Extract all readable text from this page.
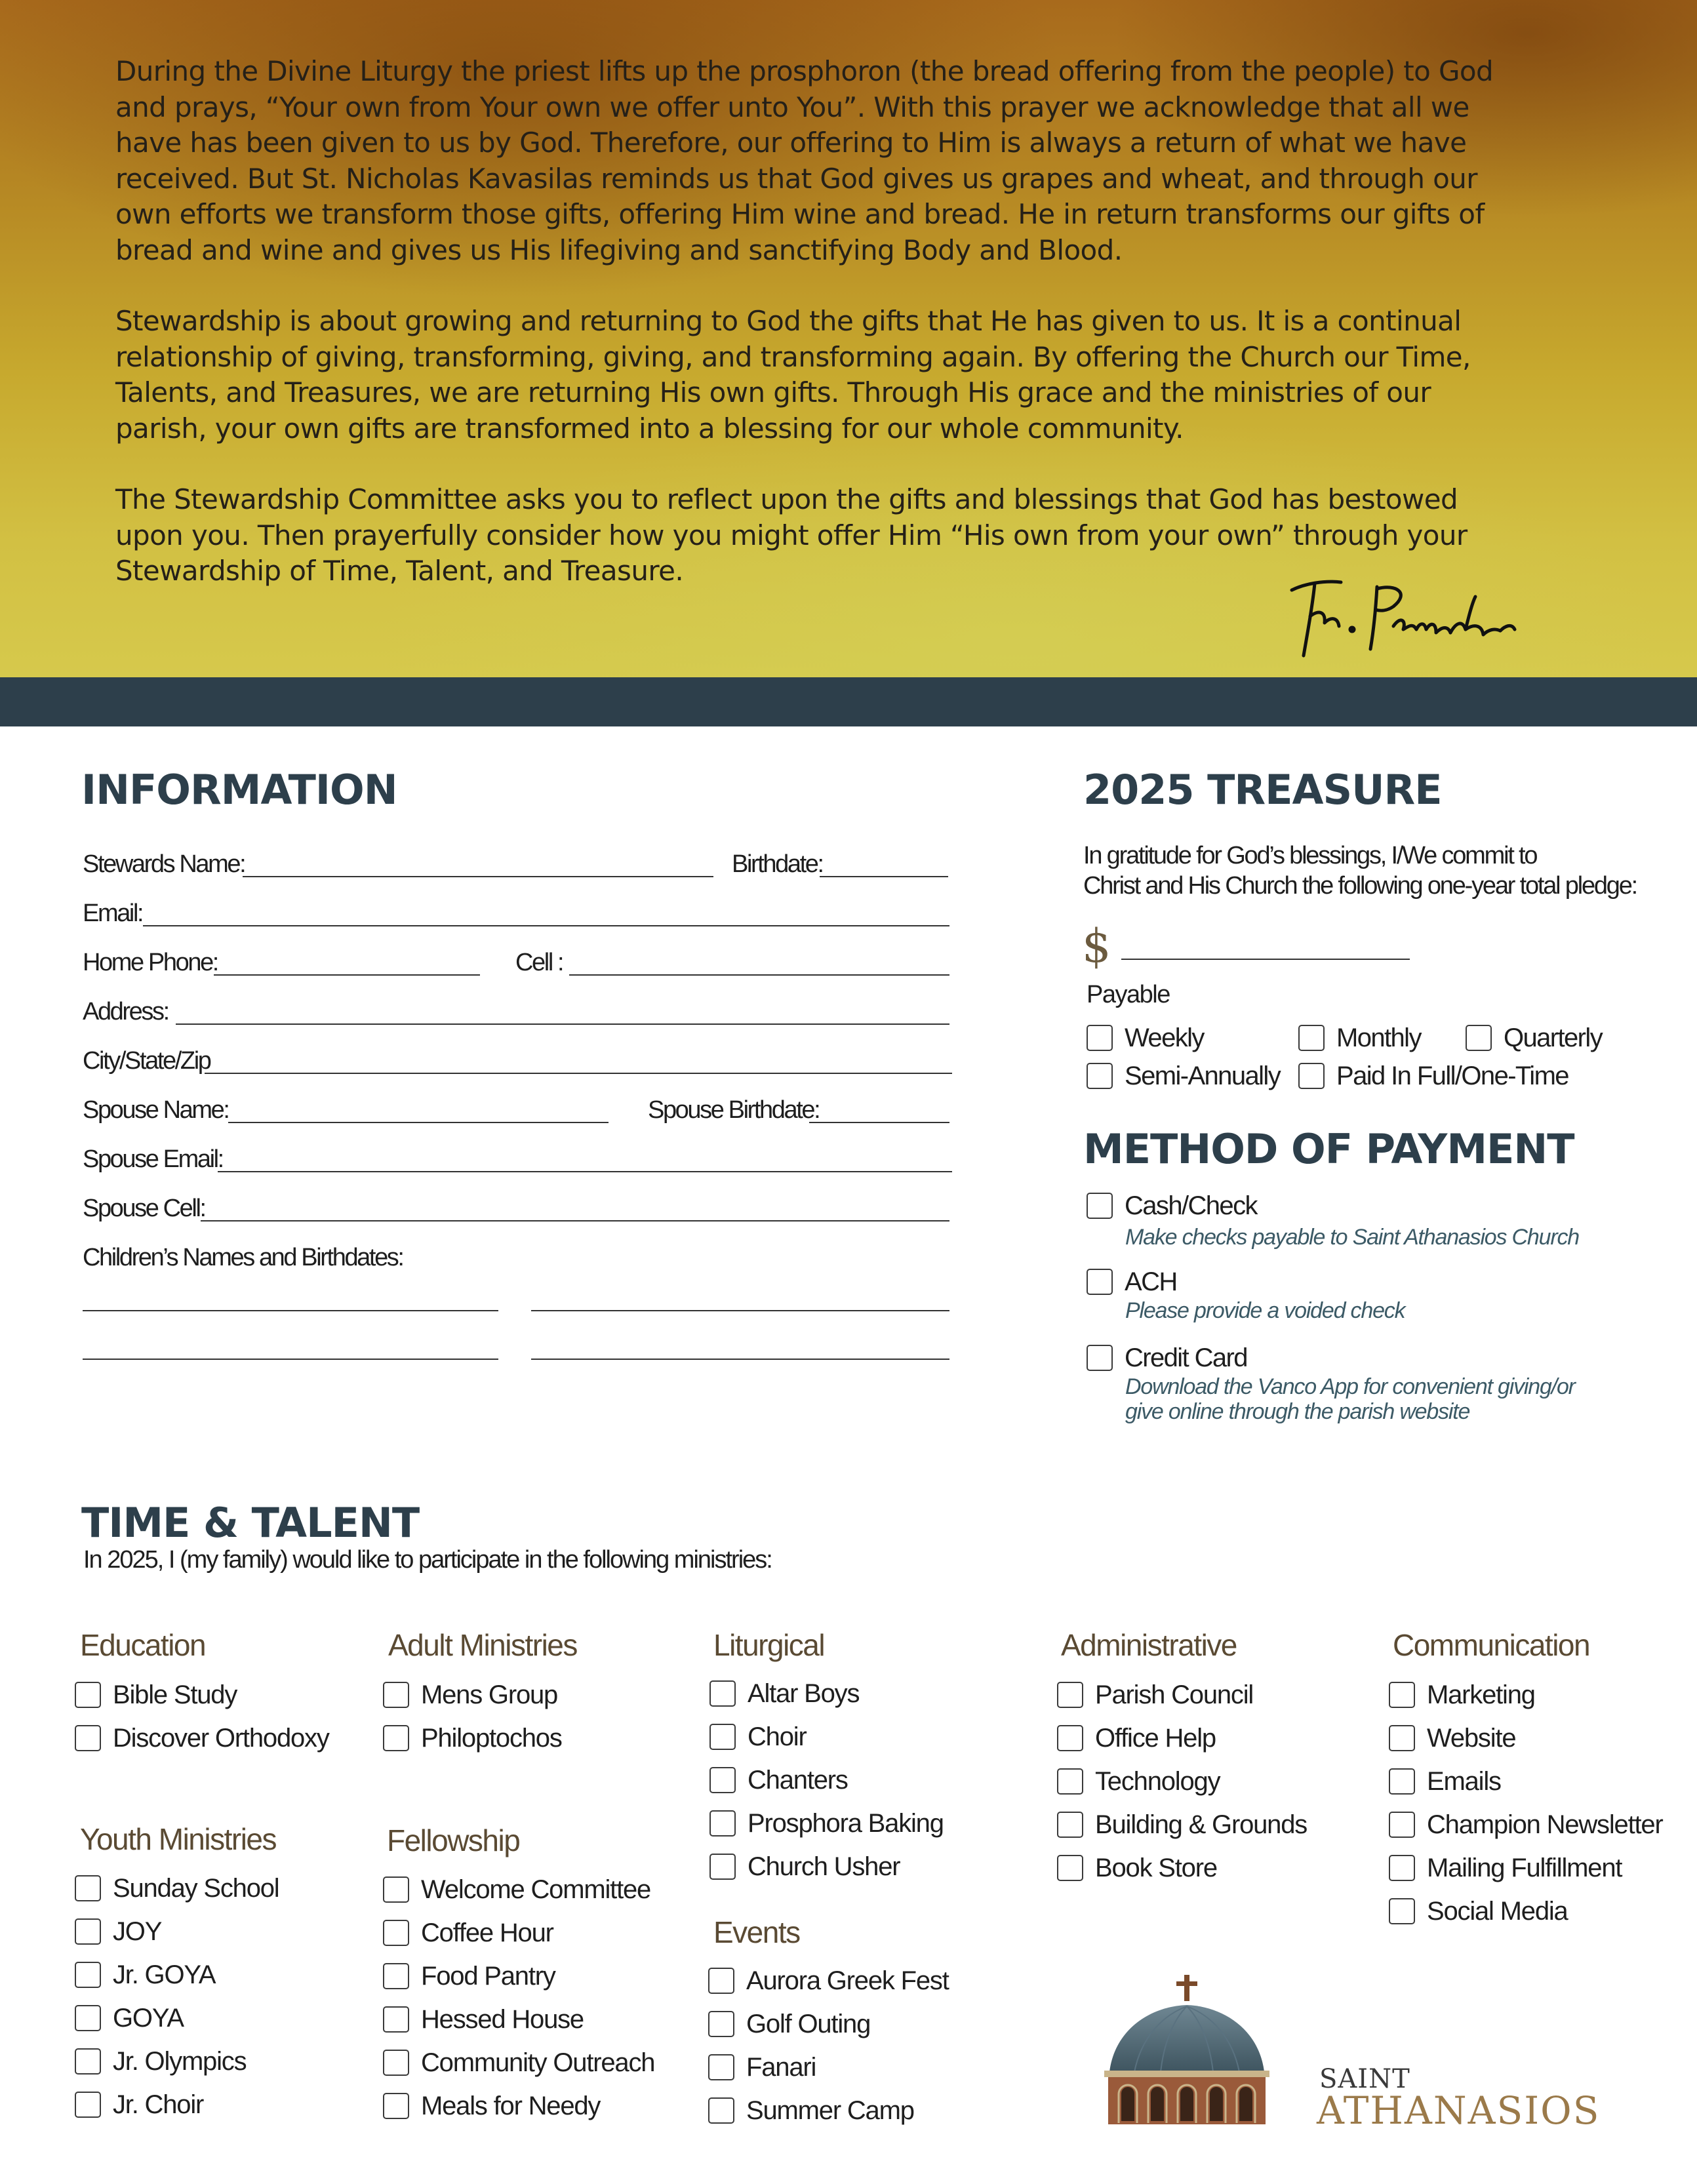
During the Divine Liturgy the priest lifts up the prosphoron (the bread offering from the people) to God and prays, “Your own from Your own we offer unto You”. With this prayer we acknowledge that all we have has been given to us by God. Therefore, our offering to Him is always a return of what we have received. But St. Nicholas Kavasilas reminds us that God gives us grapes and wheat, and through our own efforts we transform those gifts, offering Him wine and bread. He in return transforms our gifts of bread and wine and gives us His lifegiving and sanctifying Body and Blood.

Stewardship is about growing and returning to God the gifts that He has given to us. It is a continual relationship of giving, transforming, giving, and transforming again. By offering the Church our Time, Talents, and Treasures, we are returning His own gifts. Through His grace and the ministries of our parish, your own gifts are transformed into a blessing for our whole community.

The Stewardship Committee asks you to reflect upon the gifts and blessings that God has bestowed upon you. Then prayerfully consider how you might offer Him “His own from your own” through your Stewardship of Time, Talent, and Treasure.

INFORMATION
Stewards Name:	Birthdate:
Email:
Home Phone:	Cell :
Address:
City/State/Zip
Spouse Name:	Spouse Birthdate:
Spouse Email:
Spouse Cell:
Children’s Names and Birthdates:
2025 TREASURE
In gratitude for God’s blessings, I/We commit to
Christ and His Church the following one-year total pledge:
$
Payable
Weekly	Monthly	Quarterly
Semi-Annually Paid In Full/One-Time
METHOD OF PAYMENT
Cash/Check
Make checks payable to Saint Athanasios Church
ACH
Please provide a voided check
Credit Card
Download the Vanco App for convenient giving/or
give online through the parish website
TIME & TALENT
In 2025, I (my family) would like to participate in the following ministries:
Education
Bible Study
Discover Orthodoxy
Youth Ministries
Sunday School
JOY
Jr. GOYA
GOYA
Jr. Olympics
Jr. Choir
Adult Ministries
Mens Group
Philoptochos
Fellowship
Welcome Committee
Coffee Hour
Food Pantry
Hessed House
Community Outreach
Meals for Needy
Liturgical
Altar Boys
Choir
Chanters
Prosphora Baking
Church Usher
Events
Aurora Greek Fest
Golf Outing
Fanari
Summer Camp
Administrative
Parish Council
Office Help
Technology
Building & Grounds
Book Store
Communication
Marketing
Website
Emails
Champion Newsletter
Mailing Fulfillment
Social Media
SAINT
ATHANASIOS
